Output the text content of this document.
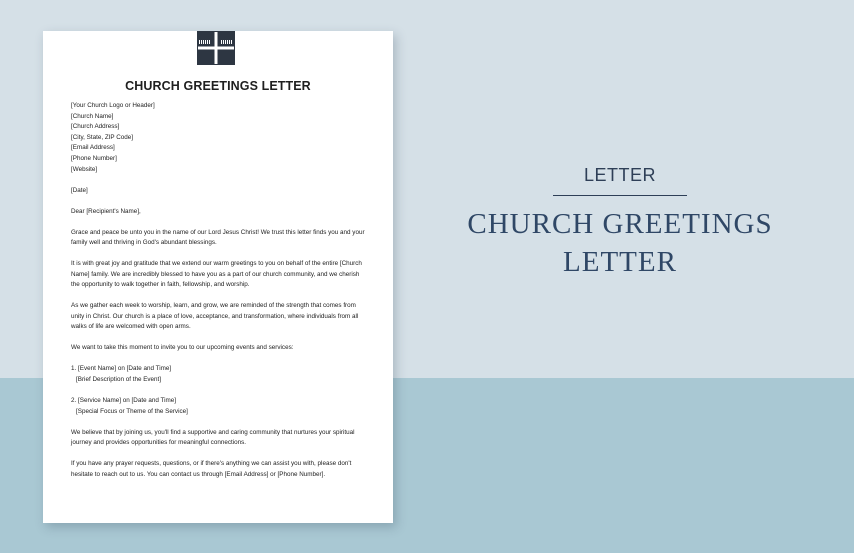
CHURCH GREETINGS LETTER

[Your Church Logo or Header]
[Church Name]
[Church Address]
[City, State, ZIP Code]
[Email Address]
[Phone Number]
[Website]

[Date]

Dear [Recipient's Name],

Grace and peace be unto you in the name of our Lord Jesus Christ! We trust this letter finds you and your family well and thriving in God's abundant blessings.

It is with great joy and gratitude that we extend our warm greetings to you on behalf of the entire [Church Name] family. We are incredibly blessed to have you as a part of our church community, and we cherish the opportunity to walk together in faith, fellowship, and worship.

As we gather each week to worship, learn, and grow, we are reminded of the strength that comes from unity in Christ. Our church is a place of love, acceptance, and transformation, where individuals from all walks of life are welcomed with open arms.

We want to take this moment to invite you to our upcoming events and services:

1. [Event Name] on [Date and Time]
[Brief Description of the Event]

2. [Service Name] on [Date and Time]
[Special Focus or Theme of the Service]

We believe that by joining us, you'll find a supportive and caring community that nurtures your spiritual journey and provides opportunities for meaningful connections.

If you have any prayer requests, questions, or if there's anything we can assist you with, please don't hesitate to reach out to us. You can contact us through [Email Address] or [Phone Number].

LETTER
CHURCH GREETINGS
LETTER
